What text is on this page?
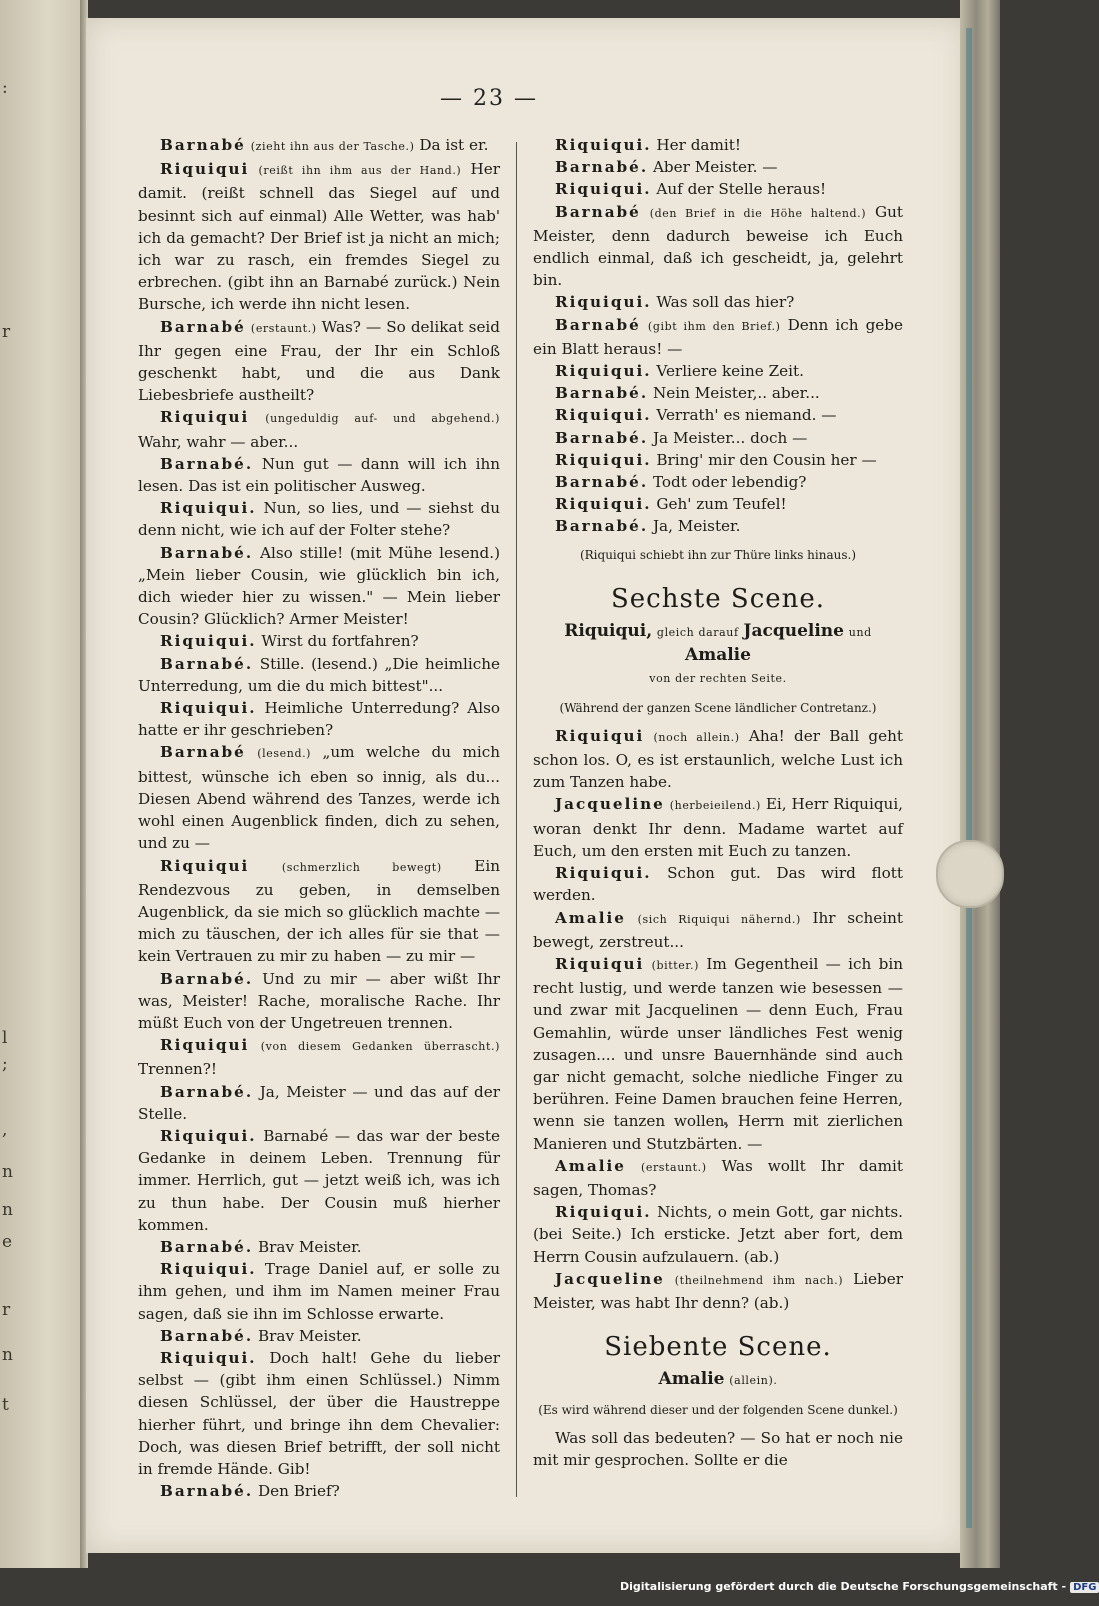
:
r
l
;
,
n
n
e
r
n
t
— 23 —

Barnabé (zieht ihn aus der Tasche.) Da ist er.

Riquiqui (reißt ihn ihm aus der Hand.) Her damit. (reißt schnell das Siegel auf und besinnt sich auf einmal) Alle Wetter, was hab' ich da gemacht? Der Brief ist ja nicht an mich; ich war zu rasch, ein fremdes Siegel zu erbrechen. (gibt ihn an Barnabé zurück.) Nein Bursche, ich werde ihn nicht lesen.

Barnabé (erstaunt.) Was? — So delikat seid Ihr gegen eine Frau, der Ihr ein Schloß geschenkt habt, und die aus Dank Liebesbriefe austheilt?

Riquiqui (ungeduldig auf- und abgehend.) Wahr, wahr — aber...

Barnabé. Nun gut — dann will ich ihn lesen. Das ist ein politischer Ausweg.

Riquiqui. Nun, so lies, und — siehst du denn nicht, wie ich auf der Folter stehe?

Barnabé. Also stille! (mit Mühe lesend.) „Mein lieber Cousin, wie glücklich bin ich, dich wieder hier zu wissen." — Mein lieber Cousin? Glücklich? Armer Meister!

Riquiqui. Wirst du fortfahren?

Barnabé. Stille. (lesend.) „Die heimliche Unterredung, um die du mich bittest"...

Riquiqui. Heimliche Unterredung? Also hatte er ihr geschrieben?

Barnabé (lesend.) „um welche du mich bittest, wünsche ich eben so innig, als du... Diesen Abend während des Tanzes, werde ich wohl einen Augenblick finden, dich zu sehen, und zu —

Riquiqui	(schmerzlich bewegt) Ein Rendezvous zu geben, in demselben Augenblick, da sie mich so glücklich machte — mich zu täuschen, der ich alles für sie that — kein Vertrauen zu mir zu haben — zu mir —

Barnabé. Und zu mir — aber wißt Ihr was, Meister! Rache, moralische Rache. Ihr müßt Euch von der Ungetreuen trennen.

Riquiqui (von diesem Gedanken überrascht.) Trennen?!

Barnabé. Ja, Meister — und das auf der Stelle.

Riquiqui. Barnabé — das war der beste Gedanke in deinem Leben. Trennung für immer. Herrlich, gut — jetzt weiß ich, was ich zu thun habe. Der Cousin muß hierher kommen.

Barnabé. Brav Meister.

Riquiqui. Trage Daniel auf, er solle zu ihm gehen, und ihm im Namen meiner Frau sagen, daß sie ihn im Schlosse erwarte.

Barnabé. Brav Meister.

Riquiqui. Doch halt! Gehe du lieber selbst — (gibt ihm einen Schlüssel.) Nimm diesen Schlüssel, der über die Haustreppe hierher führt, und bringe ihn dem Chevalier: Doch, was diesen Brief betrifft, der soll nicht in fremde Hände. Gib!

Barnabé. Den Brief?

Riquiqui. Her damit!

Barnabé. Aber Meister. —

Riquiqui. Auf der Stelle heraus!

Barnabé (den Brief in die Höhe haltend.) Gut Meister, denn dadurch beweise ich Euch endlich einmal, daß ich gescheidt, ja, gelehrt bin.

Riquiqui. Was soll das hier?

Barnabé (gibt ihm den Brief.) Denn ich gebe ein Blatt heraus! —

Riquiqui. Verliere keine Zeit.

Barnabé. Nein Meister,.. aber...

Riquiqui. Verrath' es niemand. —

Barnabé. Ja Meister... doch —

Riquiqui. Bring' mir den Cousin her —

Barnabé. Todt oder lebendig?

Riquiqui. Geh' zum Teufel!

Barnabé. Ja, Meister.

(Riquiqui schiebt ihn zur Thüre links hinaus.)

Sechste Scene.

Riquiqui, gleich darauf Jacqueline und Amalie
von der rechten Seite.

(Während der ganzen Scene ländlicher Contretanz.)

Riquiqui (noch allein.) Aha! der Ball geht schon los. O, es ist erstaunlich, welche Lust ich zum Tanzen habe.

Jacqueline (herbeieilend.) Ei, Herr Riquiqui, woran denkt Ihr denn. Madame wartet auf Euch, um den ersten mit Euch zu tanzen.

Riquiqui. Schon gut. Das wird flott werden.

Amalie (sich Riquiqui nähernd.) Ihr scheint bewegt, zerstreut...

Riquiqui (bitter.) Im Gegentheil — ich bin recht lustig, und werde tanzen wie besessen — und zwar mit Jacquelinen — denn Euch, Frau Gemahlin, würde unser ländliches Fest wenig zusagen.... und unsre Bauernhände sind auch gar nicht gemacht, solche niedliche Finger zu berühren. Feine Damen brauchen feine Herren, wenn sie tanzen wollen, Herrn mit zierlichen Manieren und Stutzbärten. —

Amalie (erstaunt.) Was wollt Ihr damit sagen, Thomas?

Riquiqui. Nichts, o mein Gott, gar nichts. (bei Seite.) Ich ersticke. Jetzt aber fort, dem Herrn Cousin aufzulauern. (ab.)

Jacqueline (theilnehmend ihm nach.) Lieber Meister, was habt Ihr denn? (ab.)

Siebente Scene.

Amalie (allein).

(Es wird während dieser und der folgenden Scene dunkel.)

Was soll das bedeuten? — So hat er noch nie mit mir gesprochen. Sollte er die

Digitalisierung gefördert durch die Deutsche Forschungsgemeinschaft - DFG
